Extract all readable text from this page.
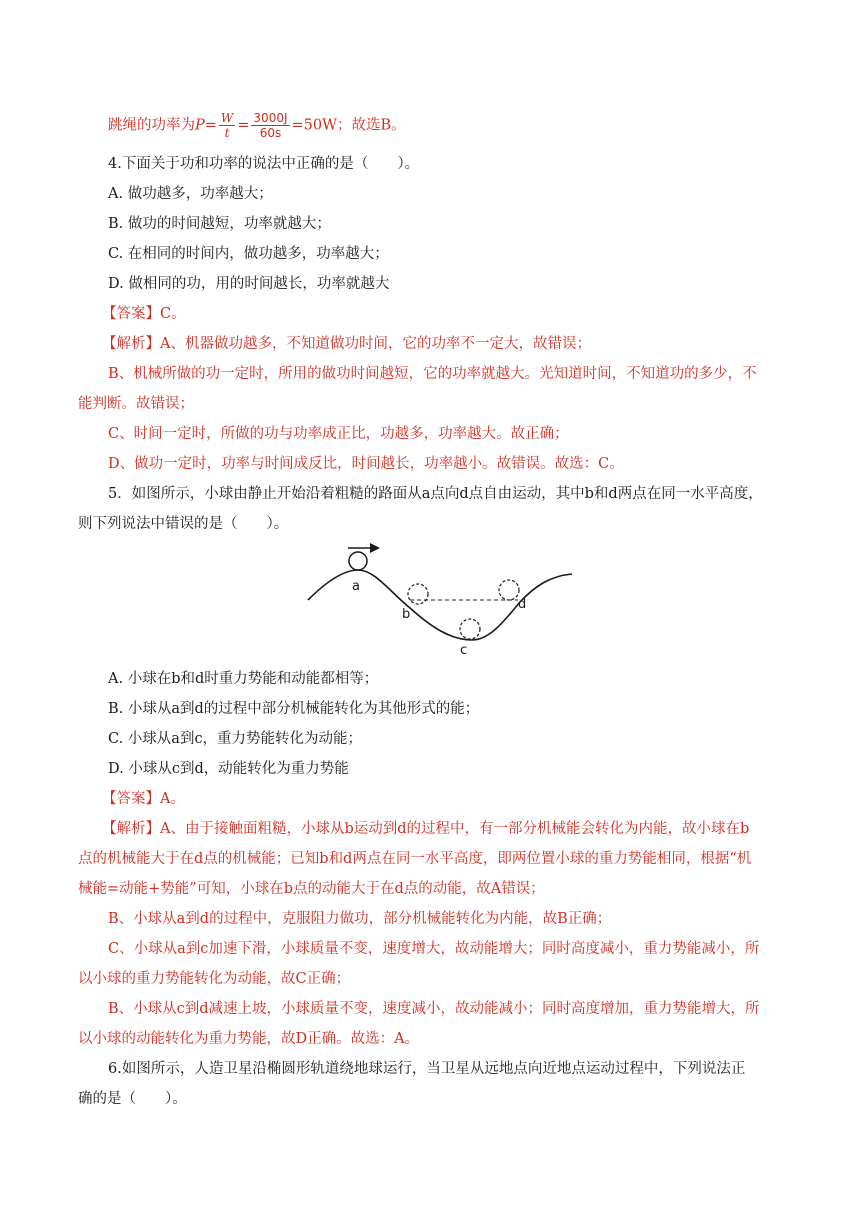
跳绳的功率为$P= \frac{W}{t} = \frac{3000J}{60s} =50W$；故选B。
4.下面关于功和功率的说法中正确的是（　　）。
A. 做功越多，功率越大；
B. 做功的时间越短，功率就越大；
C. 在相同的时间内，做功越多，功率越大；
D. 做相同的功，用的时间越长，功率就越大
【答案】C。
【解析】A、机器做功越多，不知道做功时间，它的功率不一定大，故错误；
B、机械所做的功一定时，所用的做功时间越短，它的功率就越大。光知道时间，不知道功的多少，不
能判断。故错误；
C、时间一定时，所做的功与功率成正比，功越多，功率越大。故正确；
D、做功一定时，功率与时间成反比，时间越长，功率越小。故错误。故选：C。
5．如图所示，小球由静止开始沿着粗糙的路面从a点向d点自由运动，其中b和d两点在同一水平高度，
则下列说法中错误的是（　　）。
a
b
c
d
A. 小球在b和d时重力势能和动能都相等；
B. 小球从a到d的过程中部分机械能转化为其他形式的能；
C. 小球从a到c，重力势能转化为动能；
D. 小球从c到d，动能转化为重力势能
【答案】A。
【解析】A、由于接触面粗糙，小球从b运动到d的过程中，有一部分机械能会转化为内能，故小球在b
点的机械能大于在d点的机械能；已知b和d两点在同一水平高度，即两位置小球的重力势能相同，根据“机
械能=动能+势能”可知，小球在b点的动能大于在d点的动能，故A错误；
B、小球从a到d的过程中，克服阻力做功，部分机械能转化为内能，故B正确；
C、小球从a到c加速下滑，小球质量不变，速度增大，故动能增大；同时高度减小，重力势能减小，所
以小球的重力势能转化为动能，故C正确；
B、小球从c到d减速上坡，小球质量不变，速度减小，故动能减小；同时高度增加，重力势能增大，所
以小球的动能转化为重力势能，故D正确。故选：A。
6.如图所示，人造卫星沿椭圆形轨道绕地球运行，当卫星从远地点向近地点运动过程中，下列说法正
确的是（　　）。
